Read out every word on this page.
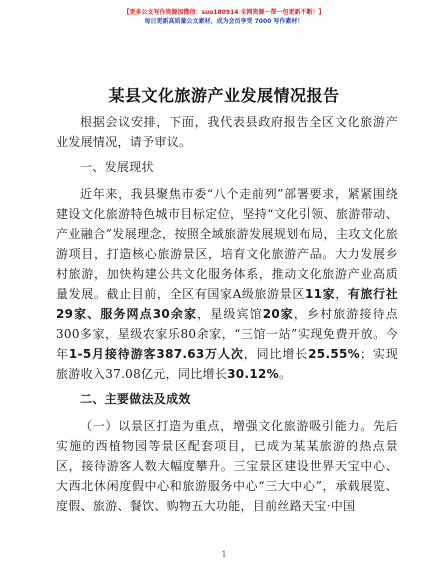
【更多公文写作资源加微信：suo180914 全网资源一帮一包更新不断！】
每日更新高质量公文素材，成为会员享受 7000 写作素材！
某县文化旅游产业发展情况报告

根据会议安排，下面，我代表县政府报告全区文化旅游产业发展情况，请予审议。

一、发展现状

近年来，我县聚焦市委“八个走前列”部署要求，紧紧围绕建设文化旅游特色城市目标定位，坚持“文化引领、旅游带动、产业融合”发展理念，按照全域旅游发展规划布局，主攻文化旅游项目，打造核心旅游景区，培育文化旅游产品。大力发展乡村旅游，加快构建公共文化服务体系，推动文化旅游产业高质量发展。截止目前，全区有国家A级旅游景区11家，有旅行社29家、服务网点30余家，星级宾馆20家，乡村旅游接待点300多家，星级农家乐80余家，“三馆一站”实现免费开放。今年1-5月接待游客387.63万人次，同比增长25.55%；实现旅游收入37.08亿元，同比增长30.12%。

二、主要做法及成效

（一）以景区打造为重点，增强文化旅游吸引能力。先后实施的西植物园等景区配套项目，已成为某某旅游的热点景区，接待游客人数大幅度攀升。三宝景区建设世界天宝中心、大西北休闲度假中心和旅游服务中心“三大中心”，承载展览、度假、旅游、餐饮、购物五大功能，目前丝路天宝·中国

1
